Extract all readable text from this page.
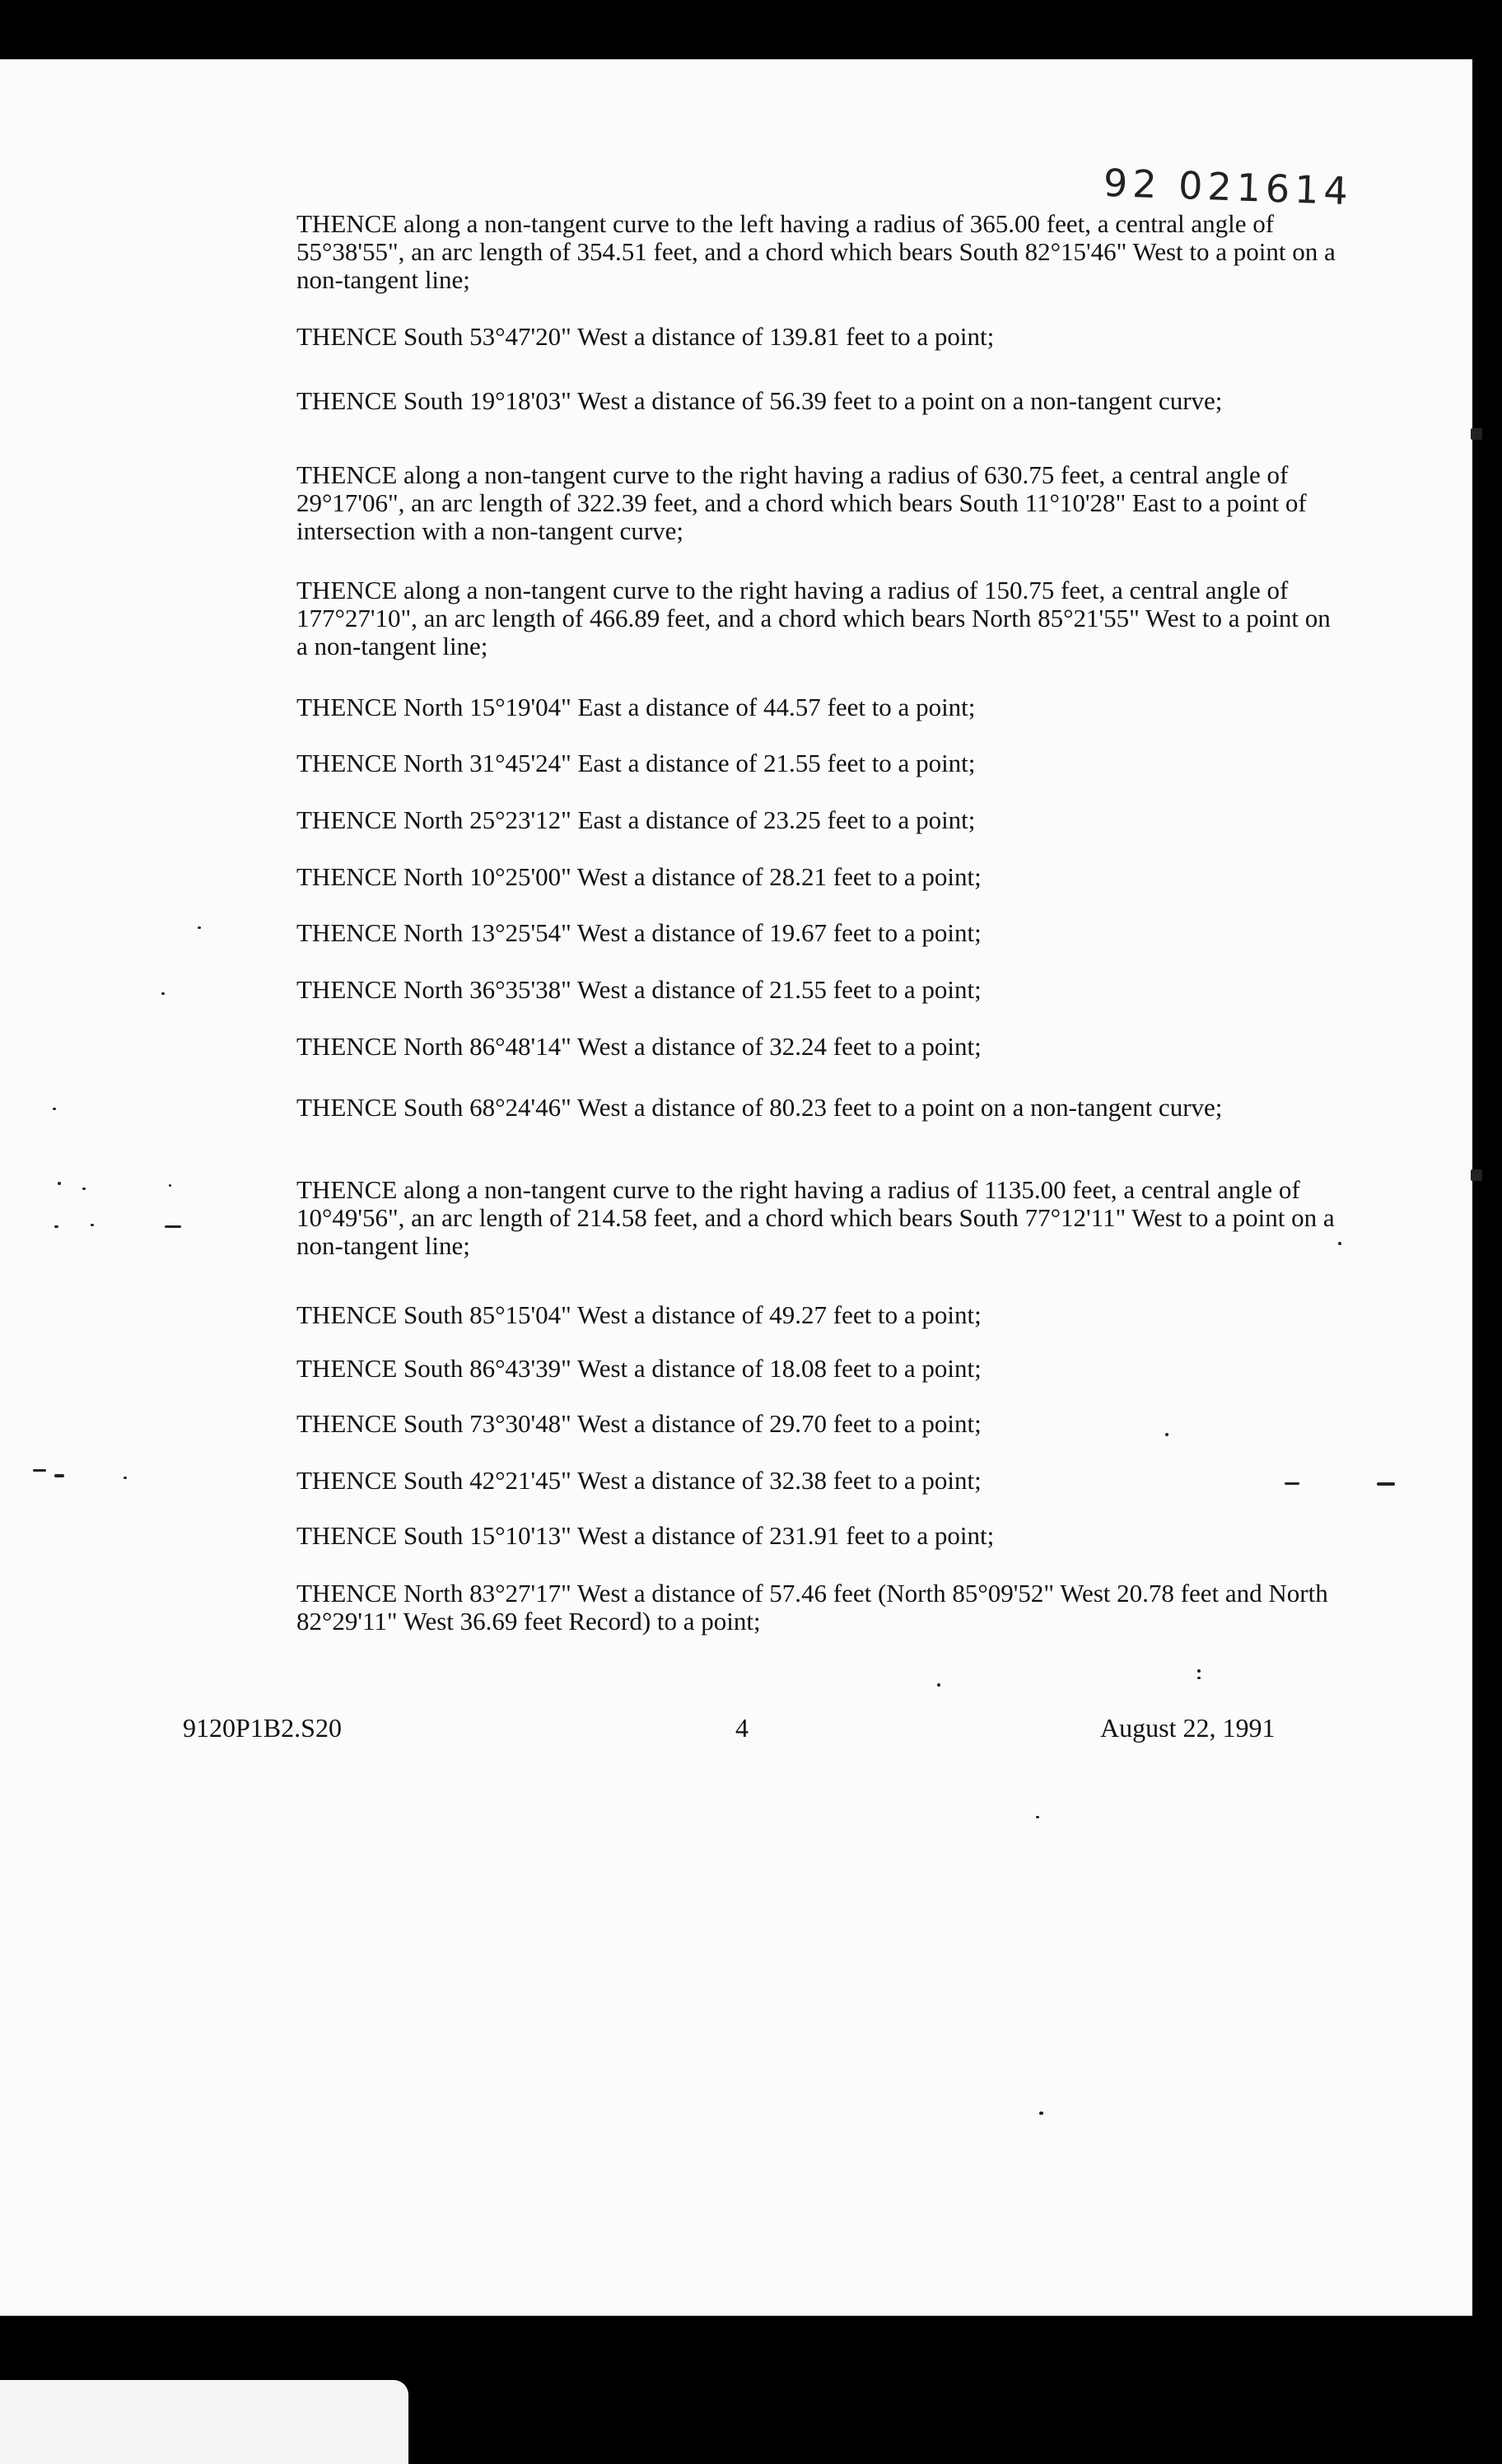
92 021614
THENCE along a non-tangent curve to the left having a radius of 365.00 feet, a central angle of 55°38'55", an arc length of 354.51 feet, and a chord which bears South 82°15'46" West to a point on a non-tangent line;
THENCE South 53°47'20" West a distance of 139.81 feet to a point;
THENCE South 19°18'03" West a distance of 56.39 feet to a point on a non-tangent curve;
THENCE along a non-tangent curve to the right having a radius of 630.75 feet, a central angle of 29°17'06", an arc length of 322.39 feet, and a chord which bears South 11°10'28" East to a point of intersection with a non-tangent curve;
THENCE along a non-tangent curve to the right having a radius of 150.75 feet, a central angle of 177°27'10", an arc length of 466.89 feet, and a chord which bears North 85°21'55" West to a point on a non-tangent line;
THENCE North 15°19'04" East a distance of 44.57 feet to a point;
THENCE North 31°45'24" East a distance of 21.55 feet to a point;
THENCE North 25°23'12" East a distance of 23.25 feet to a point;
THENCE North 10°25'00" West a distance of 28.21 feet to a point;
THENCE North 13°25'54" West a distance of 19.67 feet to a point;
THENCE North 36°35'38" West a distance of 21.55 feet to a point;
THENCE North 86°48'14" West a distance of 32.24 feet to a point;
THENCE South 68°24'46" West a distance of 80.23 feet to a point on a non-tangent curve;
THENCE along a non-tangent curve to the right having a radius of 1135.00 feet, a central angle of 10°49'56", an arc length of 214.58 feet, and a chord which bears South 77°12'11" West to a point on a non-tangent line;
THENCE South 85°15'04" West a distance of 49.27 feet to a point;
THENCE South 86°43'39" West a distance of 18.08 feet to a point;
THENCE South 73°30'48" West a distance of 29.70 feet to a point;
THENCE South 42°21'45" West a distance of 32.38 feet to a point;
THENCE South 15°10'13" West a distance of 231.91 feet to a point;
THENCE North 83°27'17" West a distance of 57.46 feet (North 85°09'52" West 20.78 feet and North 82°29'11" West 36.69 feet Record) to a point;
9120P1B2.S20	4	August 22, 1991
